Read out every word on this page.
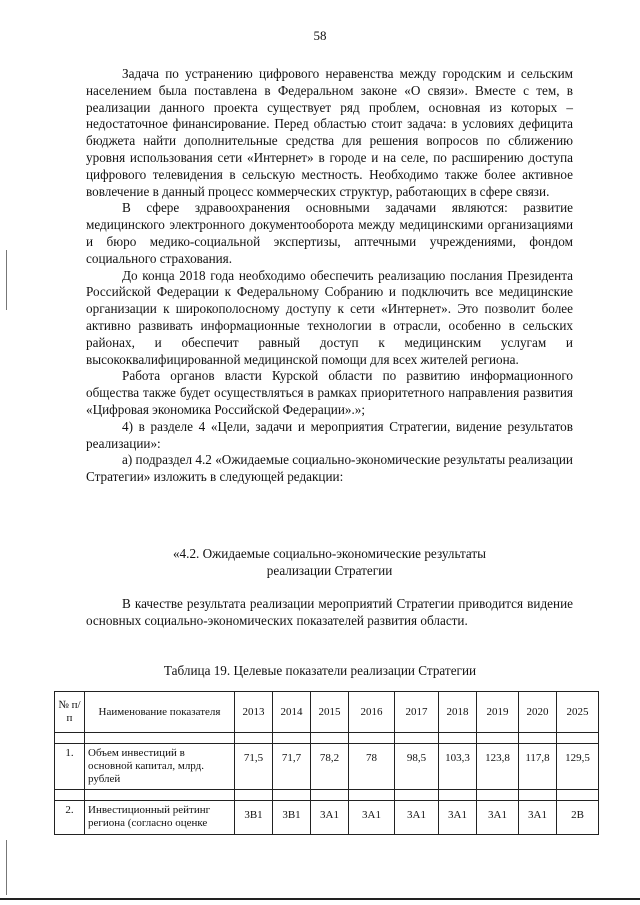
58

Задача по устранению цифрового неравенства между городским и сельским населением была поставлена в Федеральном законе «О связи». Вместе с тем, в реализации данного проекта существует ряд проблем, основная из которых – недостаточное финансирование. Перед областью стоит задача: в условиях дефицита бюджета найти дополнительные средства для решения вопросов по сближению уровня использования сети «Интернет» в городе и на селе, по расширению доступа цифрового телевидения в сельскую местность. Необходимо также более активное вовлечение в данный процесс коммерческих структур, работающих в сфере связи.

В сфере здравоохранения основными задачами являются: развитие медицинского электронного документооборота между медицинскими организациями и бюро медико-социальной экспертизы, аптечными учреждениями, фондом социального страхования.

До конца 2018 года необходимо обеспечить реализацию послания Президента Российской Федерации к Федеральному Собранию и подключить все медицинские организации к широкополосному доступу к сети «Интернет». Это позволит более активно развивать информационные технологии в отрасли, особенно в сельских районах, и обеспечит равный доступ к медицинским услугам и высококвалифицированной медицинской помощи для всех жителей региона.

Работа органов власти Курской области по развитию информационного общества также будет осуществляться в рамках приоритетного направления развития «Цифровая экономика Российской Федерации».»;

4) в разделе 4 «Цели, задачи и мероприятия Стратегии, видение результатов реализации»:

а) подраздел 4.2 «Ожидаемые социально-экономические результаты реализации Стратегии» изложить в следующей редакции:

«4.2. Ожидаемые социально-экономические результаты
реализации Стратегии

В качестве результата реализации мероприятий Стратегии приводится видение основных социально-экономических показателей развития области.

Таблица 19. Целевые показатели реализации Стратегии
№ п/п	Наименование показателя	2013	2014	2015	2016	2017	2018	2019	2020	2025

1.	Объем инвестиций в основной капитал, млрд. рублей	71,5	71,7	78,2	78	98,5	103,3	123,8	117,8	129,5

2.	Инвестиционный рейтинг региона (согласно оценке	3B1	3B1	3A1	3A1	3A1	3A1	3A1	3A1	2B
